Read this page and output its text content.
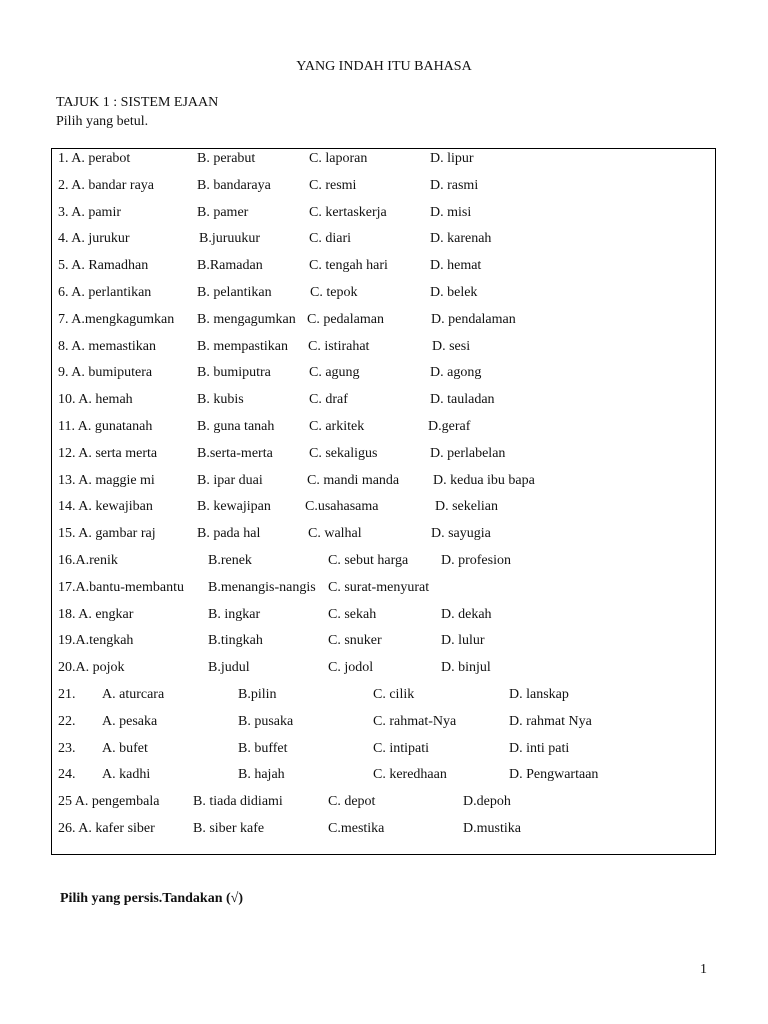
YANG INDAH ITU BAHASA
TAJUK 1 : SISTEM EJAAN
Pilih yang betul.
1. A. perabot	B. perabut	C. laporan	D. lipur
2. A. bandar raya	B. bandaraya	C. resmi	D. rasmi
3. A. pamir	B. pamer	C. kertaskerja	D. misi
4. A. jurukur	B.juruukur	C. diari	D. karenah
5. A. Ramadhan	B.Ramadan	C. tengah hari	D. hemat
6. A. perlantikan	B. pelantikan	C. tepok	D. belek
7. A.mengkagumkan B. mengagumkan C. pedalaman	D. pendalaman
8. A. memastikan	B. mempastikan C. istirahat	D. sesi
9. A. bumiputera	B. bumiputra	C. agung	D. agong
10. A. hemah	B. kubis	C. draf	D. tauladan
11. A. gunatanah	B. guna tanah C. arkitek	D.geraf
12. A. serta merta	B.serta-merta	C. sekaligus	D. perlabelan
13. A. maggie mi	B. ipar duai	C. mandi manda D. kedua ibu bapa
14. A. kewajiban	B. kewajipan C.usahasama	D. sekelian
15. A. gambar raj	B. pada hal	C. walhal	D. sayugia
16.A.renik	B.renek	C. sebut harga D. profesion
17.A.bantu-membantu B.menangis-nangis C. surat-menyurat
18. A. engkar	B. ingkar	C. sekah	D. dekah
19.A.tengkah	B.tingkah	C. snuker	D. lulur
20.A. pojok	B.judul	C. jodol	D. binjul
21. A. aturcara	B.pilin	C. cilik	D. lanskap
22. A. pesaka	B. pusaka	C. rahmat-Nya	D. rahmat Nya
23. A. bufet	B. buffet	C. intipati	D. inti pati
24. A. kadhi	B. hajah	C. keredhaan	D. Pengwartaan
25 A. pengembala B. tiada didiami	C. depot	D.depoh
26. A. kafer siber	B. siber kafe	C.mestika	D.mustika
Pilih yang persis.Tandakan (√)
1
